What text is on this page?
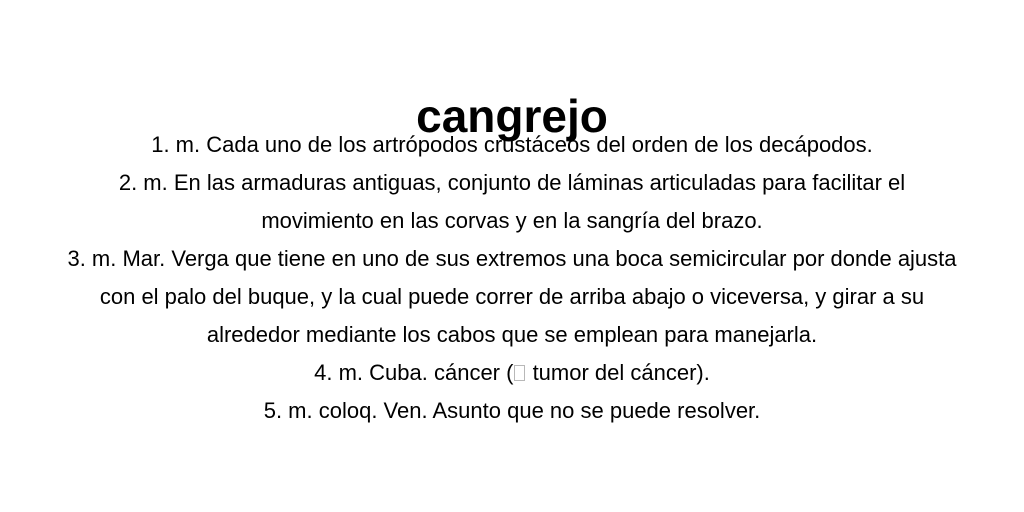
cangrejo

1. m. Cada uno de los artrópodos crustáceos del orden de los decápodos.

2. m. En las armaduras antiguas, conjunto de láminas articuladas para facilitar el movimiento en las corvas y en la sangría del brazo.

3. m. Mar. Verga que tiene en uno de sus extremos una boca semicircular por donde ajusta con el palo del buque, y la cual puede correr de arriba abajo o viceversa, y girar a su alrededor mediante los cabos que se emplean para manejarla.

4. m. Cuba. cáncer ( tumor del cáncer).

5. m. coloq. Ven. Asunto que no se puede resolver.
